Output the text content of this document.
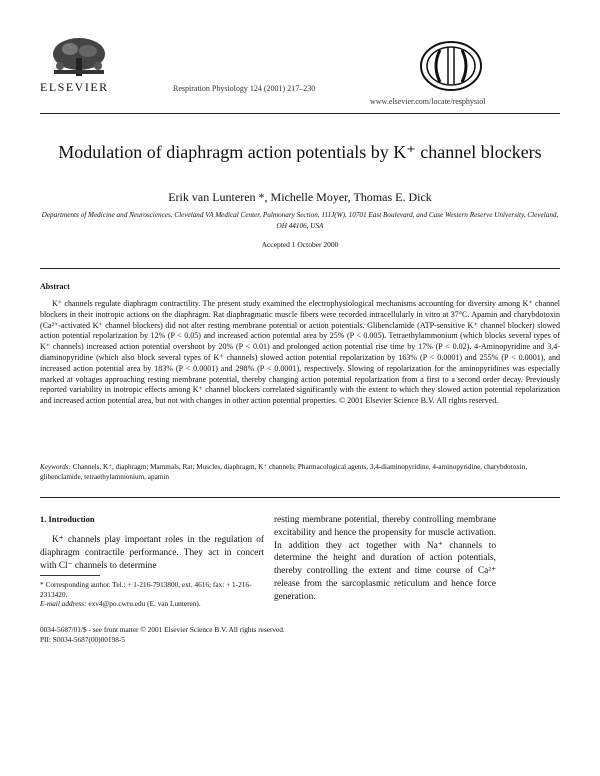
ELSEVIER	Respiration Physiology 124 (2001) 217–230
www.elsevier.com/locate/resphysiol
Modulation of diaphragm action potentials by K⁺ channel blockers
Erik van Lunteren *, Michelle Moyer, Thomas E. Dick
Departments of Medicine and Neurosciences, Cleveland VA Medical Center, Pulmonary Section, 111J(W), 10701 East Boulevard, and Case Western Reserve University, Cleveland, OH 44106, USA
Accepted 1 October 2000
Abstract

K⁺ channels regulate diaphragm contractility. The present study examined the electrophysiological mechanisms accounting for diversity among K⁺ channel blockers in their inotropic actions on the diaphragm. Rat diaphragmatic muscle fibers were recorded intracellularly in vitro at 37°C. Apamin and charybdotoxin (Ca²⁺-activated K⁺ channel blockers) did not alter resting membrane potential or action potentials. Glibenclamide (ATP-sensitive K⁺ channel blocker) slowed action potential repolarization by 12% (P < 0.05) and increased action potential area by 25% (P < 0.005). Tetraethylammonium (which blocks several types of K⁺ channels) increased action potential overshoot by 20% (P < 0.01) and prolonged action potential rise time by 17% (P < 0.02). 4-Aminopyridine and 3,4-diaminopyridine (which also block several types of K⁺ channels) slowed action potential repolarization by 163% (P < 0.0001) and 255% (P < 0.0001), and increased action potential area by 183% (P < 0.0001) and 298% (P < 0.0001), respectively. Slowing of repolarization for the aminopyridines was especially marked at voltages approaching resting membrane potential, thereby changing action potential repolarization from a first to a second order decay. Previously reported variability in inotropic effects among K⁺ channel blockers correlated significantly with the extent to which they slowed action potential repolarization and increased action potential area, but not with changes in other action potential properties. © 2001 Elsevier Science B.V. All rights reserved.

Keywords: Channels, K⁺, diaphragm; Mammals, Rat; Muscles, diaphragm, K⁺ channels; Pharmacological agents, 3,4-diaminopyridine, 4-aminopyridine, charybdotoxin, glibenclamide, tetraethylammonium, apamin
1. Introduction

K⁺ channels play important roles in the regulation of diaphragm contractile performance. They act in concert with Cl⁻ channels to determine

resting membrane potential, thereby controlling membrane excitability and hence the propensity for muscle activation. In addition they act together with Na⁺ channels to determine the height and duration of action potentials, thereby controlling the extent and time course of Ca²⁺ release from the sarcoplasmic reticulum and hence force generation.

* Corresponding author. Tel.: + 1-216-7913800, ext. 4616; fax: + 1-216-2313420.
E-mail address: exv4@po.cwru.edu (E. van Lunteren).
0034-5687/01/$ - see front matter © 2001 Elsevier Science B.V. All rights reserved.
PII: S0034-5687(00)00198-5
